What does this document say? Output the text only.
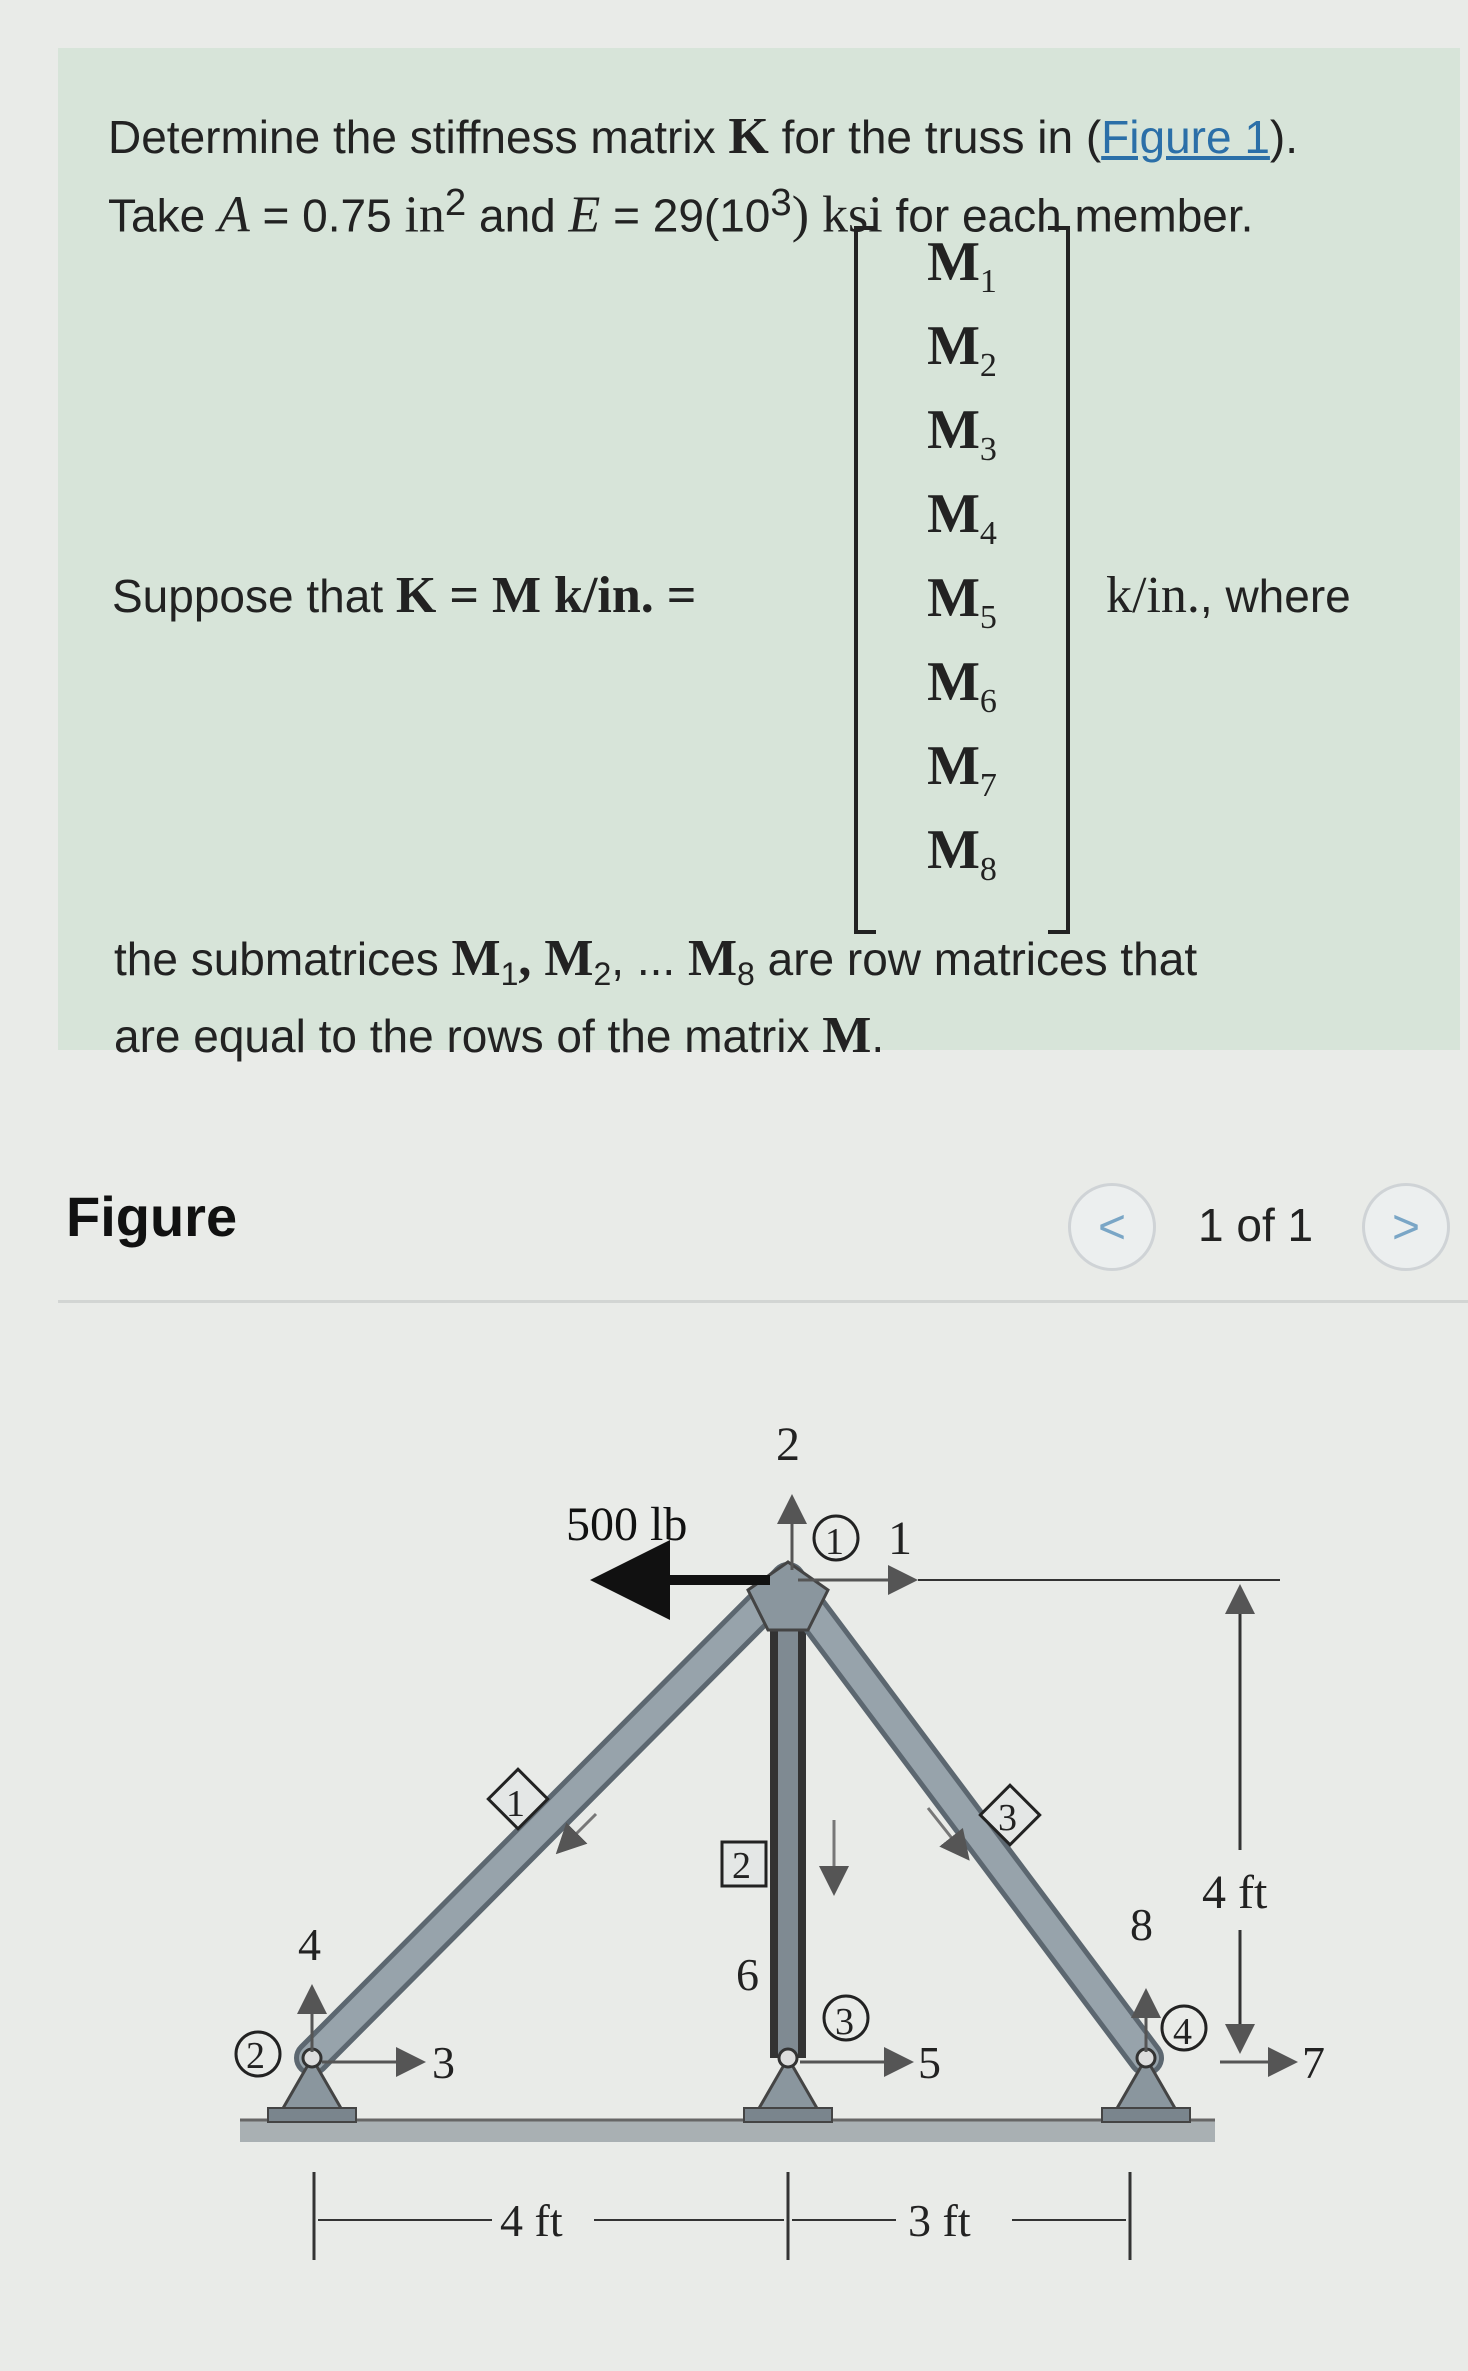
Determine the stiffness matrix K for the truss in (Figure 1).
Take A = 0.75 $in^2$ and $E = 29(10^3)$ ksi for each member.
Suppose that K = M k/in. =
$M_1$
$M_2$
$M_3$
$M_4$
$M_5$
$M_6$
$M_7$
$M_8$
k/in., where
the submatrices $M_1$, $M_2$, ... $M_8$ are row matrices that
are equal to the rows of the matrix M.
Figure	<	1 of 1	>
500 lb
2
1
1
2
4
3
3
6
5
4
8
7
1
2
3
4 ft
4 ft	3 ft
